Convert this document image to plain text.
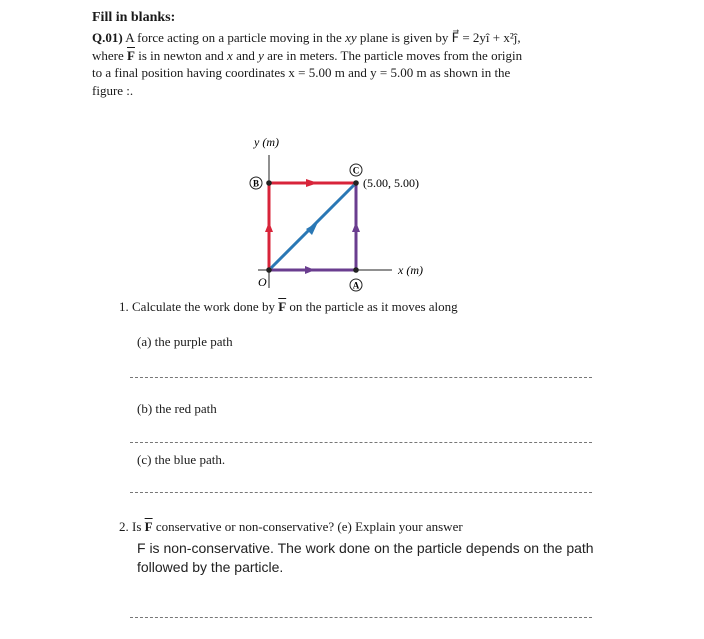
Fill in blanks:
Q.01) A force acting on a particle moving in the xy plane is given by F⃗ = 2yî + x²ĵ,
where $\overline{F}$ is in newton and x and y are in meters. The particle moves from the origin
to a final position having coordinates x = 5.00 m and y = 5.00 m as shown in the
figure :.
y (m)
x (m)
O
B
C
A
(5.00, 5.00)
1. Calculate the work done by $\overline{F}$ on the particle as it moves along
(a) the purple path
(b) the red path
(c) the blue path.
2. Is $\overline{F}$ conservative or non-conservative? (e) Explain your answer
F is non-conservative. The work done on the particle depends on the path followed by the particle.
